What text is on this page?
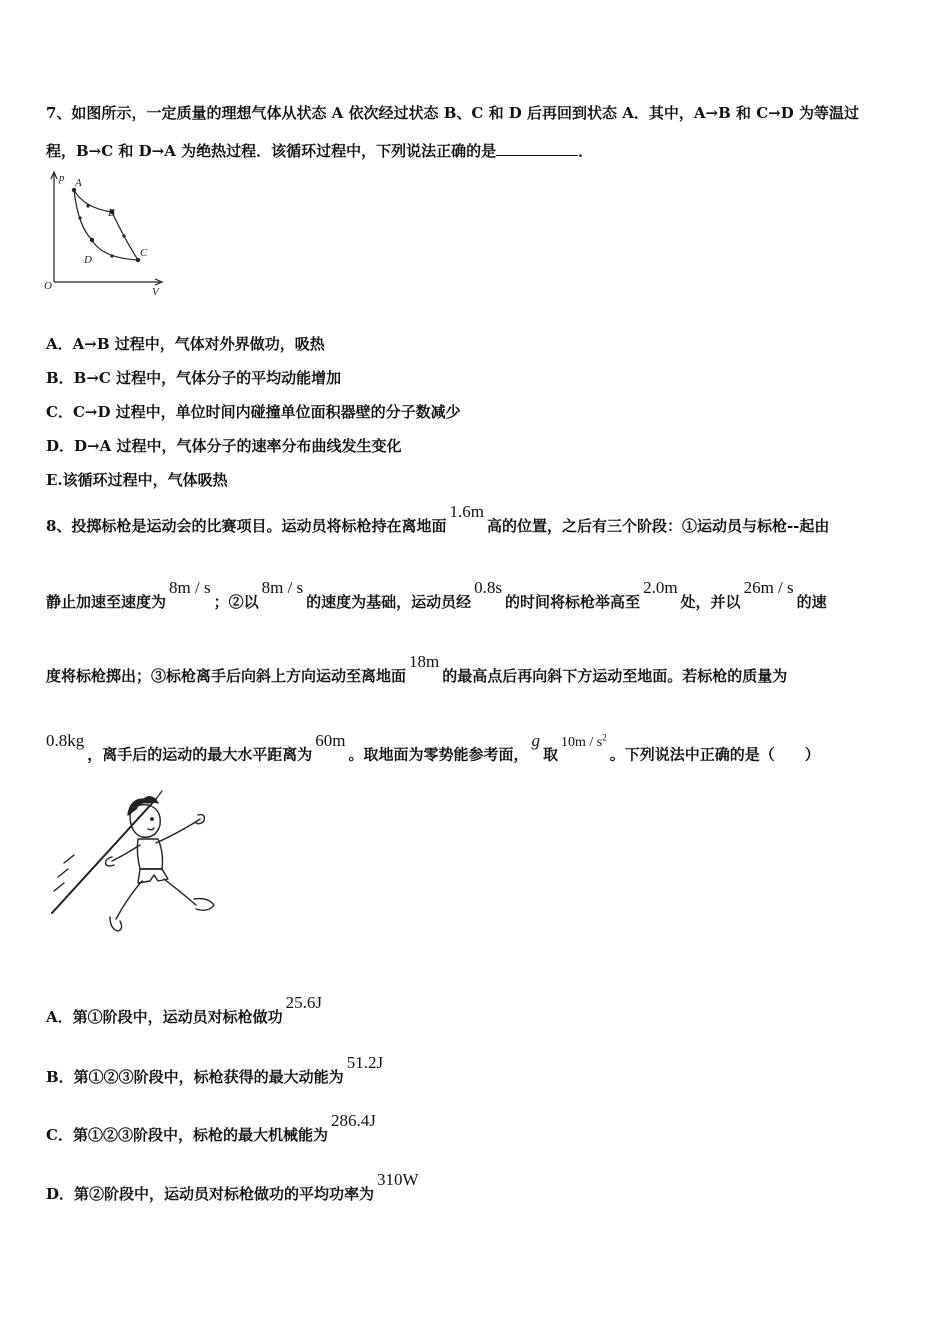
7、如图所示，一定质量的理想气体从状态 A 依次经过状态 B、C 和 D 后再回到状态 A．其中，A→B 和 C→D 为等温过
程，B→C 和 D→A 为绝热过程．该循环过程中，下列说法正确的是	．
p
V
O
A
B
C
D
A．A→B 过程中，气体对外界做功，吸热
B．B→C 过程中，气体分子的平均动能增加
C．C→D 过程中，单位时间内碰撞单位面积器壁的分子数减少
D．D→A 过程中，气体分子的速率分布曲线发生变化
E.该循环过程中，气体吸热
8、投掷标枪是运动会的比赛项目。运动员将标枪持在离地面1.6m高的位置，之后有三个阶段：①运动员与标枪--起由
静止加速至速度为8m / s；②以8m / s的速度为基础，运动员经0.8s的时间将标枪举高至2.0m处，并以26m / s的速
度将标枪掷出；③标枪离手后向斜上方向运动至离地面18m的最高点后再向斜下方运动至地面。若标枪的质量为
0.8kg，离手后的运动的最大水平距离为60m。取地面为零势能参考面，g取$10m / s^2$。下列说法中正确的是（　　）
A．第①阶段中，运动员对标枪做功25.6J
B．第①②③阶段中，标枪获得的最大动能为51.2J
C．第①②③阶段中，标枪的最大机械能为286.4J
D．第②阶段中，运动员对标枪做功的平均功率为310W
